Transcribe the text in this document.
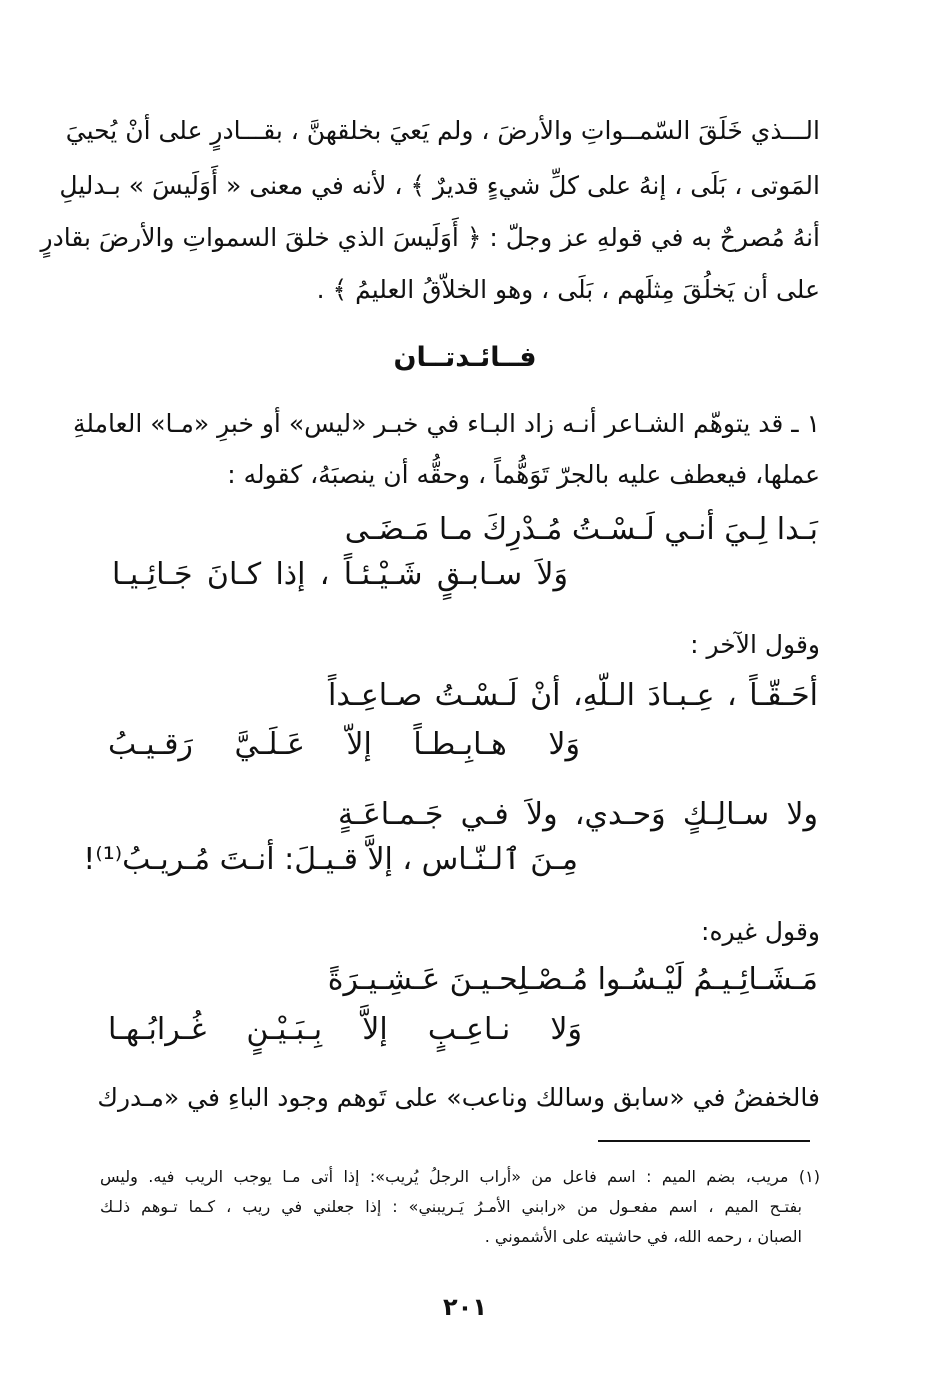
الـــذي خَلَقَ السّمــواتِ والأرضَ ، ولم يَعيَ بخلقهنَّ ، بقـــادرٍ على أنْ يُحييَ
المَوتى ، بَلَى ، إنهُ على كلِّ شيءٍ قديرٌ ﴾ ، لأنه في معنى « أَوَلَيسَ » بـدليلِ
أنهُ مُصرحٌ به في قولهِ عز وجلّ : ﴿ أَوَلَيسَ الذي خلقَ السمواتِ والأرضَ بقادرٍ
على أن يَخلُقَ مِثلَهم ، بَلَى ، وهو الخلاّقُ العليمُ ﴾ .
فــائـدتــان
١ ـ قد يتوهّم الشـاعر أنـه زاد البـاء في خبـر «ليس» أو خبرِ «مـا» العاملةِ
عملها، فيعطف عليه بالجرّ تَوَهُّماً ، وحقُّه أن ينصبَهُ، كقوله :
بَـدا لِـيَ أنـي لَـسْـتُ مُـدْرِكَ مـا مَـضَـى
وَلاَ سـابـقٍ شَـيْـئـاً ، إذا كـانَ جَـائِـيـا
وقول الآخر :
أحَـقّـاً ، عِـبـادَ الـلّهِ، أنْ لَـسْـتُ صـاعِـداً
وَلا هـابِـطـاً إلاّ عَـلَـيَّ رَقـيـبُ
ولا سـالِـكٍ وَحـدي، ولاَ فـي جَـمـاعَـةٍ
مِـنَ ٱلـنّـاس ، إلاَّ قـيـلَ: أنـتَ مُـريـبُ⁽¹⁾!
وقول غيره:
مَـشَـائِـيـمُ لَيْـسُـوا مُـصْـلِحـيـنَ عَـشِـيـرَةً
وَلا نـاعِـبٍ إلاَّ بِـبَـيْـنٍ غُـرابُـهـا
فالخفضُ في «سابق وسالك وناعب» على تَوهم وجود الباءِ في «مـدرك
(١) مريب، بضم الميم : اسم فاعل من «أراب الرجلُ يُريب»: إذا أتى مـا يوجب الريب فيه. وليس
بفتـح الميم ، اسم مفعـول من «رابني الأمـرُ يَـريبني» : إذا جعلني في ريب ، كـما تـوهم ذلـك
الصبان ، رحمه الله، في حاشيته على الأشموني .
٢٠١
